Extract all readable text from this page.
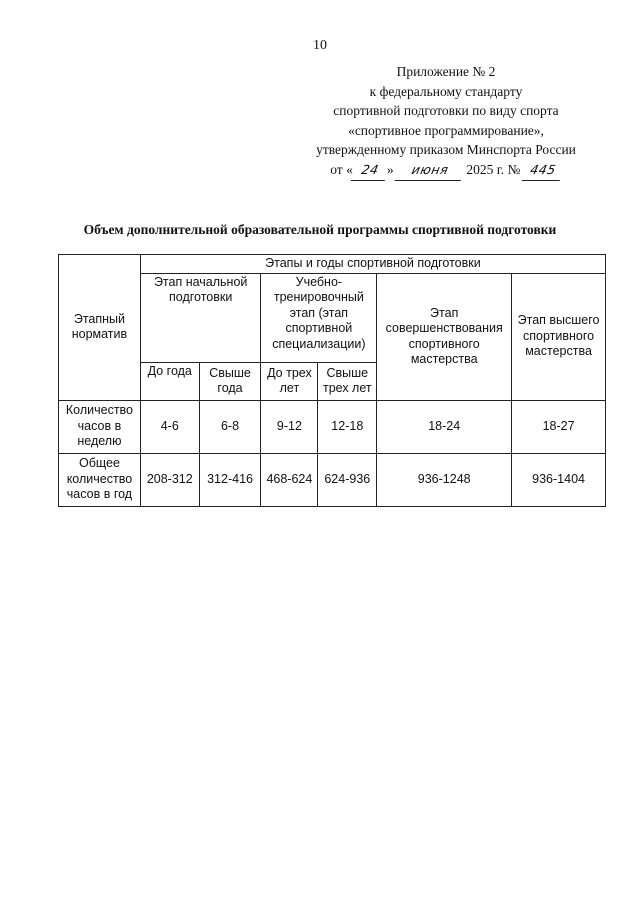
10
Приложение № 2
к федеральному стандарту
спортивной подготовки по виду спорта
«спортивное программирование»,
утвержденному приказом Минспорта России
от « 24 » июня 2025 г. № 445
Объем дополнительной образовательной программы спортивной подготовки
Этапный норматив	Этапы и годы спортивной подготовки					
	Этап начальной подготовки		Учебно-тренировочный этап (этап спортивной специализации)		Этап совершенствования спортивного мастерства	Этап высшего спортивного мастерства
	До года	Свыше года	До трех лет	Свыше трех лет		
Количество часов в неделю	4-6	6-8	9-12	12-18	18-24	18-27
Общее количество часов в год	208-312	312-416	468-624	624-936	936-1248	936-1404
